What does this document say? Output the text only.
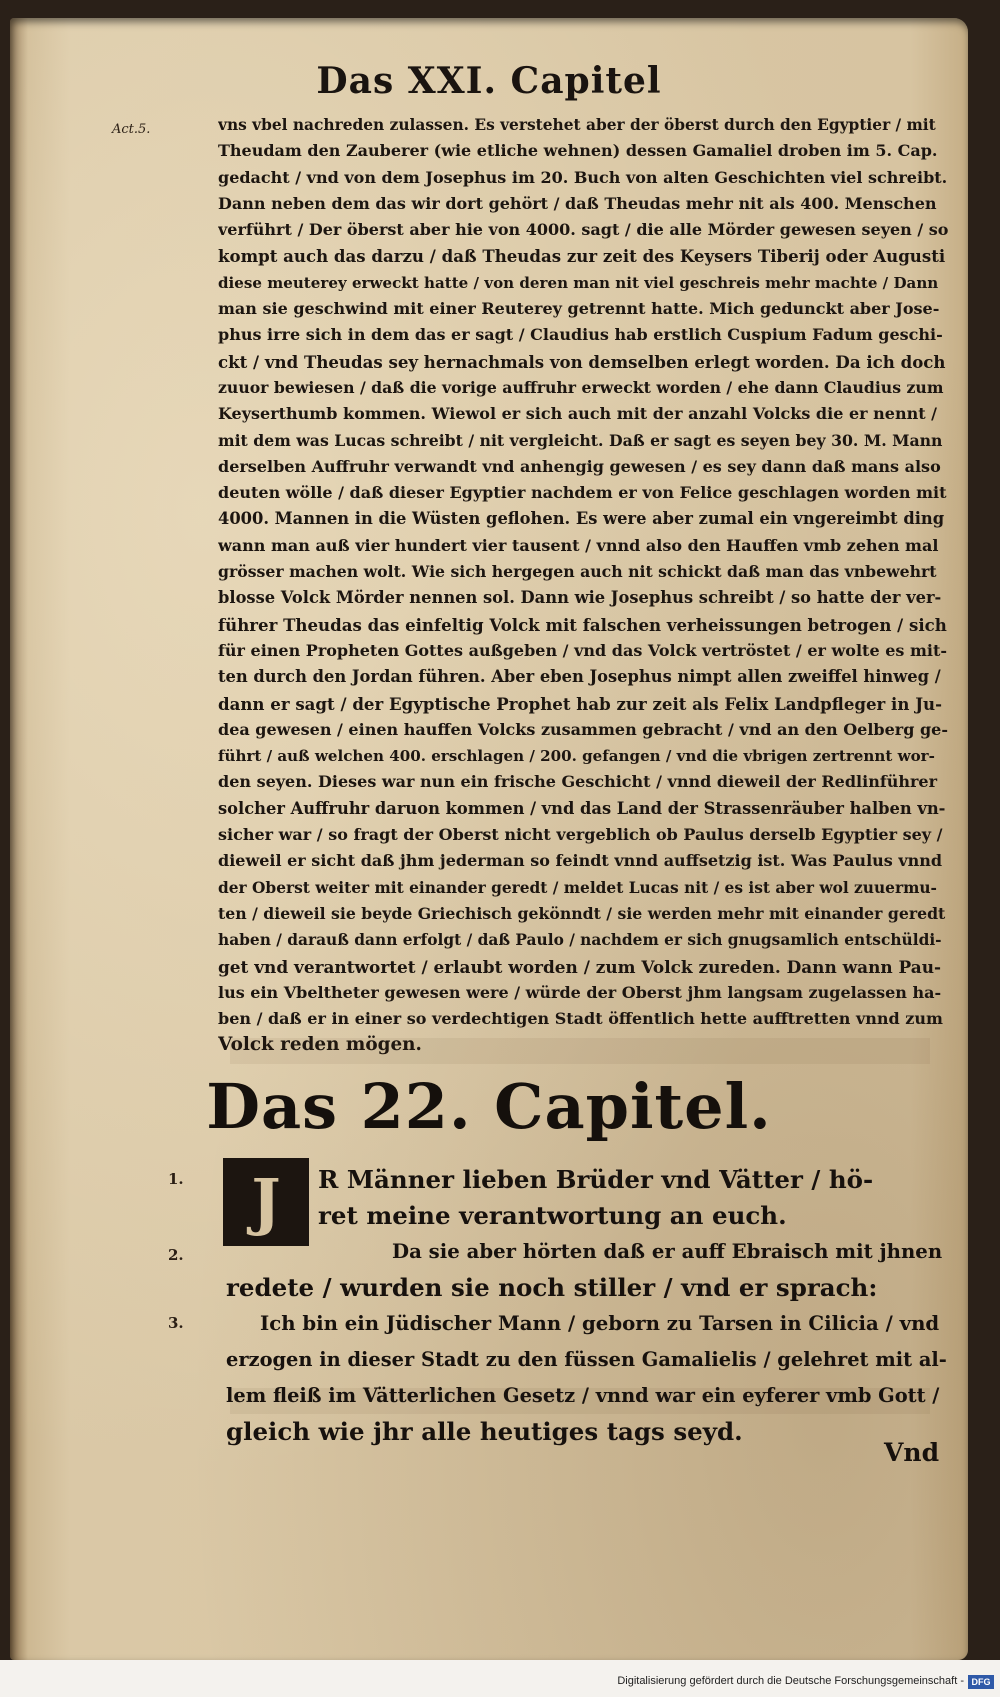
Das XXI. Capitel
Act.5.	vns vbel nachreden zulassen. Es verstehet aber der öberst durch den Egyptier / mit
Theudam den Zauberer (wie etliche wehnen) dessen Gamaliel droben im 5. Cap.
gedacht / vnd von dem Josephus im 20. Buch von alten Geschichten viel schreibt.
Dann neben dem das wir dort gehört / daß Theudas mehr nit als 400. Menschen
verführt / Der öberst aber hie von 4000. sagt / die alle Mörder gewesen seyen / so
kompt auch das darzu / daß Theudas zur zeit des Keysers Tiberij oder Augusti
diese meuterey erweckt hatte / von deren man nit viel geschreis mehr machte / Dann
man sie geschwind mit einer Reuterey getrennt hatte. Mich gedunckt aber Jose-
phus irre sich in dem das er sagt / Claudius hab erstlich Cuspium Fadum geschi-
ckt / vnd Theudas sey hernachmals von demselben erlegt worden. Da ich doch
zuuor bewiesen / daß die vorige auffruhr erweckt worden / ehe dann Claudius zum
Keyserthumb kommen. Wiewol er sich auch mit der anzahl Volcks die er nennt /
mit dem was Lucas schreibt / nit vergleicht. Daß er sagt es seyen bey 30. M. Mann
derselben Auffruhr verwandt vnd anhengig gewesen / es sey dann daß mans also
deuten wölle / daß dieser Egyptier nachdem er von Felice geschlagen worden mit
4000. Mannen in die Wüsten geflohen. Es were aber zumal ein vngereimbt ding
wann man auß vier hundert vier tausent / vnnd also den Hauffen vmb zehen mal
grösser machen wolt. Wie sich hergegen auch nit schickt daß man das vnbewehrt
blosse Volck Mörder nennen sol. Dann wie Josephus schreibt / so hatte der ver-
führer Theudas das einfeltig Volck mit falschen verheissungen betrogen / sich
für einen Propheten Gottes außgeben / vnd das Volck vertröstet / er wolte es mit-
ten durch den Jordan führen. Aber eben Josephus nimpt allen zweiffel hinweg /
dann er sagt / der Egyptische Prophet hab zur zeit als Felix Landpfleger in Ju-
dea gewesen / einen hauffen Volcks zusammen gebracht / vnd an den Oelberg ge-
führt / auß welchen 400. erschlagen / 200. gefangen / vnd die vbrigen zertrennt wor-
den seyen. Dieses war nun ein frische Geschicht / vnnd dieweil der Redlinführer
solcher Auffruhr daruon kommen / vnd das Land der Strassenräuber halben vn-
sicher war / so fragt der Oberst nicht vergeblich ob Paulus derselb Egyptier sey /
dieweil er sicht daß jhm jederman so feindt vnnd auffsetzig ist. Was Paulus vnnd
der Oberst weiter mit einander geredt / meldet Lucas nit / es ist aber wol zuuermu-
ten / dieweil sie beyde Griechisch gekönndt / sie werden mehr mit einander geredt
haben / darauß dann erfolgt / daß Paulo / nachdem er sich gnugsamlich entschüldi-
get vnd verantwortet / erlaubt worden / zum Volck zureden. Dann wann Pau-
lus ein Vbeltheter gewesen were / würde der Oberst jhm langsam zugelassen ha-
ben / daß er in einer so verdechtigen Stadt öffentlich hette aufftretten vnnd zum
Volck reden mögen.
Das 22. Capitel.
J
1.
2.
3.
R Männer lieben Brüder vnd Vätter / hö-
ret meine verantwortung an euch.
Da sie aber hörten daß er auff Ebraisch mit jhnen
redete / wurden sie noch stiller / vnd er sprach:
Ich bin ein Jüdischer Mann / geborn zu Tarsen in Cilicia / vnd
erzogen in dieser Stadt zu den füssen Gamalielis / gelehret mit al-
lem fleiß im Vätterlichen Gesetz / vnnd war ein eyferer vmb Gott /
gleich wie jhr alle heutiges tags seyd.
Vnd
Digitalisierung gefördert durch die Deutsche Forschungsgemeinschaft - DFG
